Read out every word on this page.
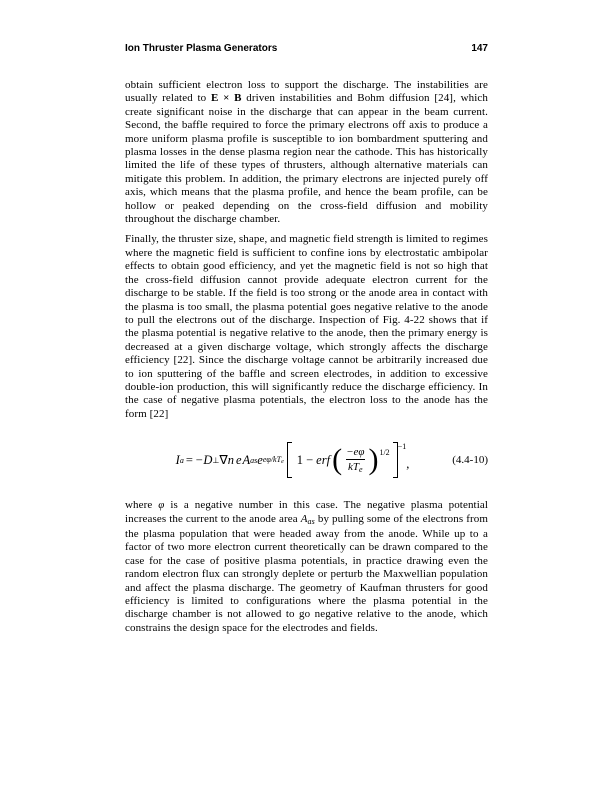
Ion Thruster Plasma Generators	147

obtain sufficient electron loss to support the discharge. The instabilities are usually related to E × B driven instabilities and Bohm diffusion [24], which create significant noise in the discharge that can appear in the beam current. Second, the baffle required to force the primary electrons off axis to produce a more uniform plasma profile is susceptible to ion bombardment sputtering and plasma losses in the dense plasma region near the cathode. This has historically limited the life of these types of thrusters, although alternative materials can mitigate this problem. In addition, the primary electrons are injected purely off axis, which means that the plasma profile, and hence the beam profile, can be hollow or peaked depending on the cross-field diffusion and mobility throughout the discharge chamber.

Finally, the thruster size, shape, and magnetic field strength is limited to regimes where the magnetic field is sufficient to confine ions by electrostatic ambipolar effects to obtain good efficiency, and yet the magnetic field is not so high that the cross-field diffusion cannot provide adequate electron current for the discharge to be stable. If the field is too strong or the anode area in contact with the plasma is too small, the plasma potential goes negative relative to the anode to pull the electrons out of the discharge. Inspection of Fig. 4-22 shows that if the plasma potential is negative relative to the anode, then the primary energy is decreased at a given discharge voltage, which strongly affects the discharge efficiency [22]. Since the discharge voltage cannot be arbitrarily increased due to ion sputtering of the baffle and screen electrodes, in addition to excessive double-ion production, this will significantly reduce the discharge efficiency. In the case of negative plasma potentials, the electron loss to the anode has the form [22]

I a = −D ⊥ ∇ n e A as e $e\varphi/kT_e$ 1 − erf ( $\frac{-e\varphi}{kT_e}$ ) 1/2
−1
,	(4.4-10)

where φ is a negative number in this case. The negative plasma potential increases the current to the anode area $A_{as}$ by pulling some of the electrons from the plasma population that were headed away from the anode. While up to a factor of two more electron current theoretically can be drawn compared to the case for the case of positive plasma potentials, in practice drawing even the random electron flux can strongly deplete or perturb the Maxwellian population and affect the plasma discharge. The geometry of Kaufman thrusters for good efficiency is limited to configurations where the plasma potential in the discharge chamber is not allowed to go negative relative to the anode, which constrains the design space for the electrodes and fields.
